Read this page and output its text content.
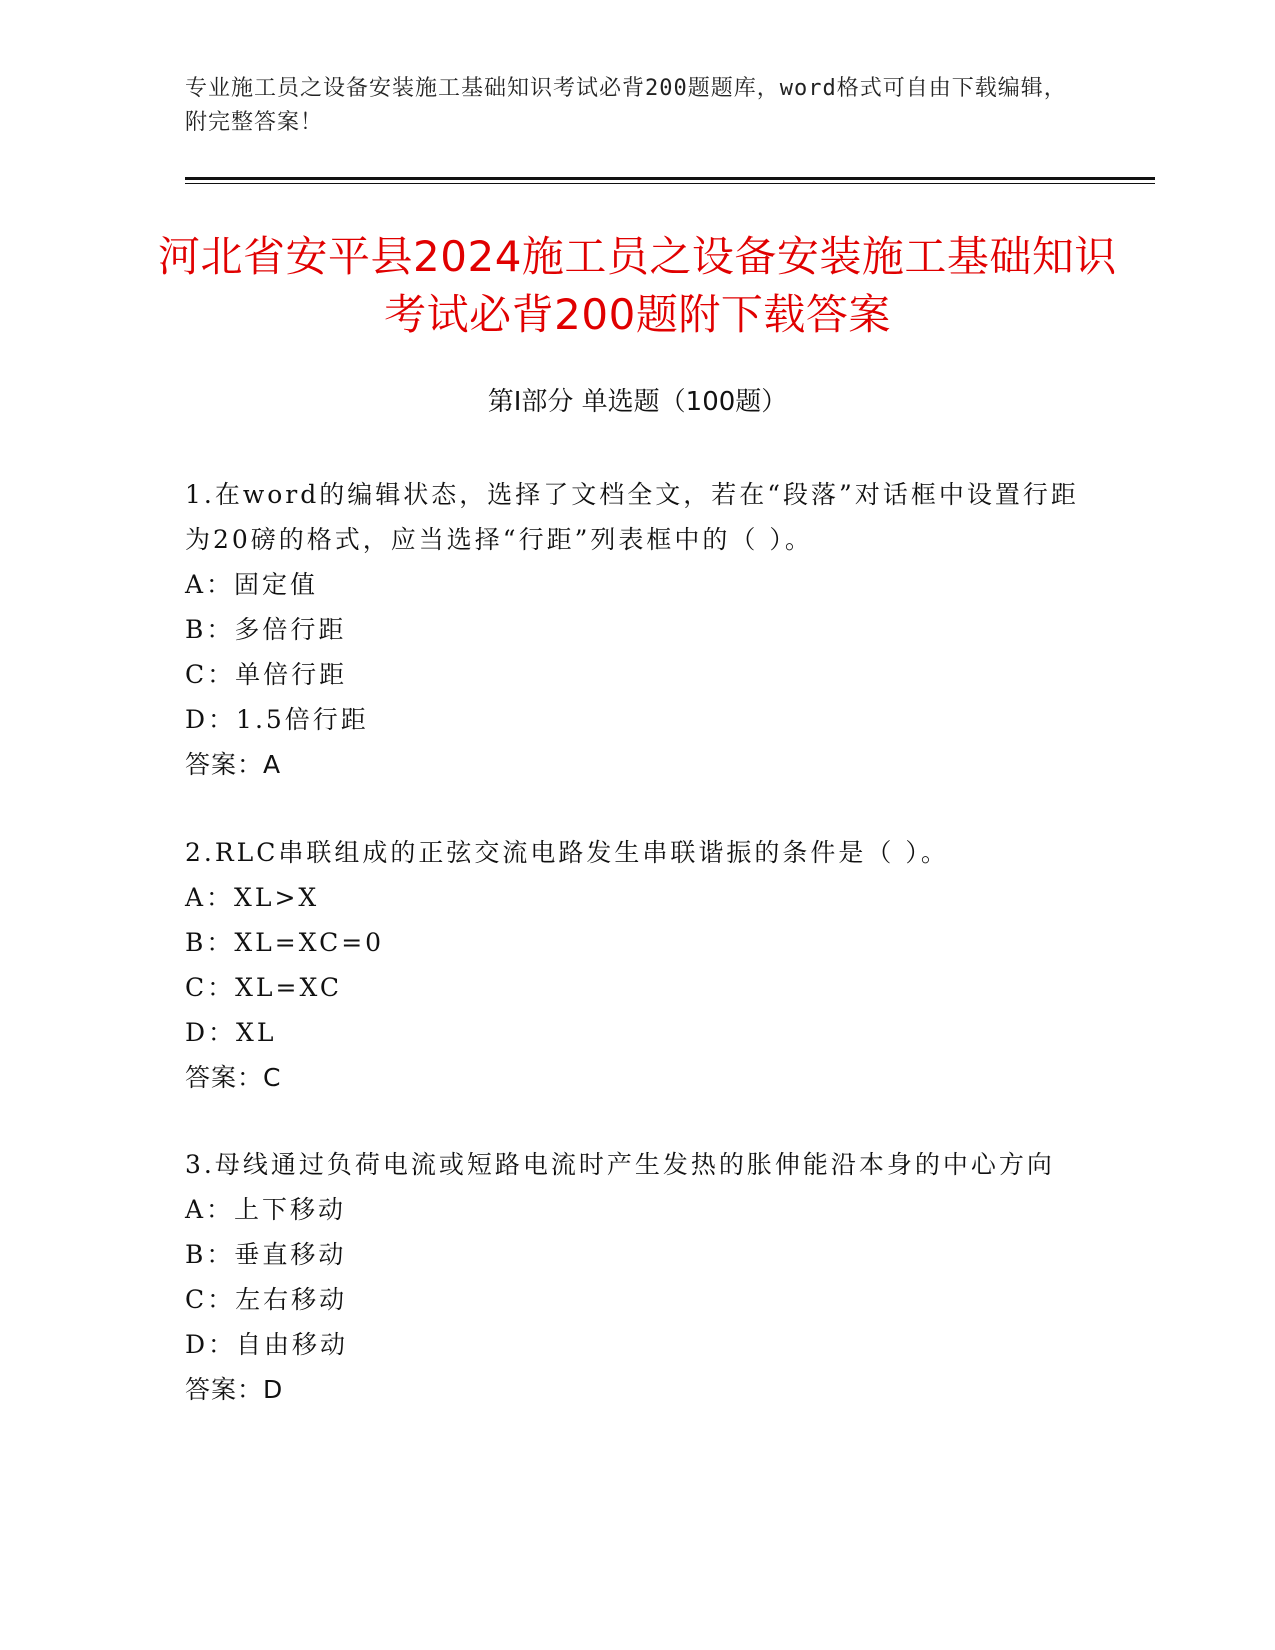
专业施工员之设备安装施工基础知识考试必背200题题库，word格式可自由下载编辑，附完整答案！
河北省安平县2024施工员之设备安装施工基础知识考试必背200题附下载答案
第Ⅰ部分 单选题（100题）
1.在word的编辑状态，选择了文档全文，若在“段落”对话框中设置行距为20磅的格式，应当选择“行距”列表框中的（ ）。
A：固定值
B：多倍行距
C：单倍行距
D：1.5倍行距
答案：A
2.RLC串联组成的正弦交流电路发生串联谐振的条件是（ ）。
A：XL>X
B：XL=XC=0
C：XL=XC
D：XL
答案：C
3.母线通过负荷电流或短路电流时产生发热的胀伸能沿本身的中心方向
A：上下移动
B：垂直移动
C：左右移动
D：自由移动
答案：D
